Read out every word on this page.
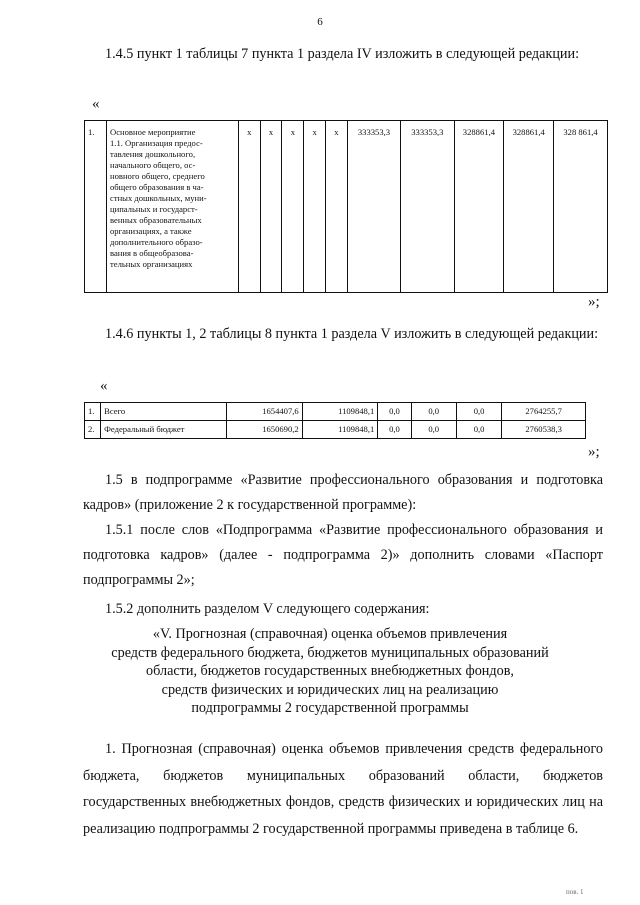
6

1.4.5 пункт 1 таблицы 7 пункта 1 раздела IV изложить в следующей редакции:

«
1.	Основное мероприятие
1.1. Организация предос-
тавления дошкольного,
начального общего, ос-
новного общего, среднего
общего образования в ча-
стных дошкольных, муни-
ципальных и государст-
венных образовательных
организациях, а также
дополнительного образо-
вания в общеобразова-
тельных организациях
	х	х	х	х	х	333353,3	333353,3	328861,4	328861,4	328 861,4
»;

1.4.6 пункты 1, 2 таблицы 8 пункта 1 раздела V изложить в следующей редакции:

«
1.	Всего	1654407,6	1109848,1	0,0	0,0	0,0	2764255,7
2.	Федеральный бюджет	1650690,2	1109848,1	0,0	0,0	0,0	2760538,3
»;

1.5 в подпрограмме «Развитие профессионального образования и подготовка кадров» (приложение 2 к государственной программе):

1.5.1 после слов «Подпрограмма «Развитие профессионального образования и подготовка кадров» (далее - подпрограмма 2)» дополнить словами «Паспорт подпрограммы 2»;

1.5.2 дополнить разделом V следующего содержания:

«V. Прогнозная (справочная) оценка объемов привлечения
средств федерального бюджета, бюджетов муниципальных образований
области, бюджетов государственных внебюджетных фондов,
средств физических и юридических лиц на реализацию
подпрограммы 2 государственной программы

1. Прогнозная (справочная) оценка объемов привлечения средств федерального бюджета, бюджетов муниципальных образований области, бюджетов государственных внебюджетных фондов, средств физических и юридических лиц на реализацию подпрограммы 2 государственной программы приведена в таблице 6.

пов. 1
